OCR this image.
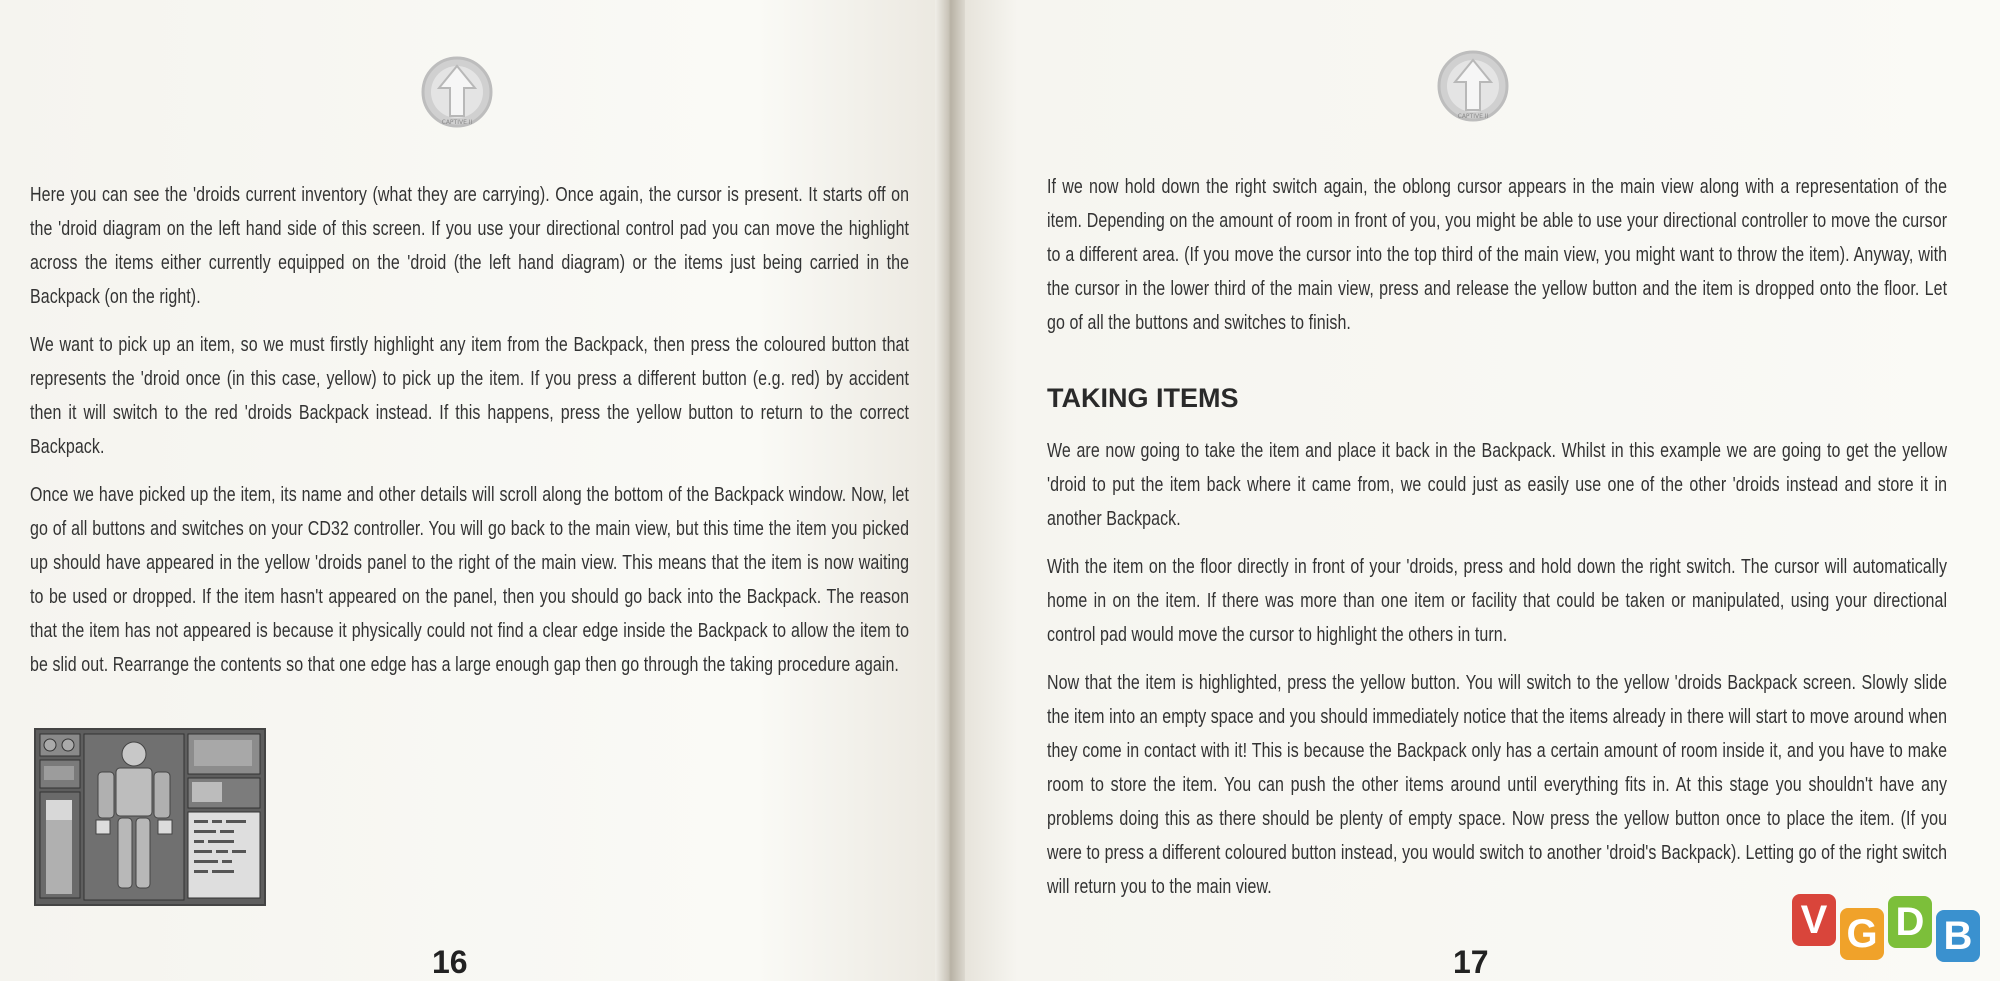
CAPTIVE II
CAPTIVE II

Here you can see the 'droids current inventory (what they are carrying). Once again, the cursor is present. It starts off on the 'droid diagram on the left hand side of this screen. If you use your directional control pad you can move the highlight across the items either currently equipped on the 'droid (the left hand diagram) or the items just being carried in the Backpack (on the right).

We want to pick up an item, so we must firstly highlight any item from the Backpack, then press the coloured button that represents the 'droid once (in this case, yellow) to pick up the item. If you press a different button (e.g. red) by accident then it will switch to the red 'droids Backpack instead. If this happens, press the yellow button to return to the correct Backpack.

Once we have picked up the item, its name and other details will scroll along the bottom of the Backpack window. Now, let go of all buttons and switches on your CD32 controller. You will go back to the main view, but this time the item you picked up should have appeared in the yellow 'droids panel to the right of the main view. This means that the item is now waiting to be used or dropped. If the item hasn't appeared on the panel, then you should go back into the Backpack. The reason that the item has not appeared is because it physically could not find a clear edge inside the Backpack to allow the item to be slid out. Rearrange the contents so that one edge has a large enough gap then go through the taking procedure again.

16

If we now hold down the right switch again, the oblong cursor appears in the main view along with a representation of the item. Depending on the amount of room in front of you, you might be able to use your directional controller to move the cursor to a different area. (If you move the cursor into the top third of the main view, you might want to throw the item). Anyway, with the cursor in the lower third of the main view, press and release the yellow button and the item is dropped onto the floor. Let go of all the buttons and switches to finish.

TAKING ITEMS

We are now going to take the item and place it back in the Backpack. Whilst in this example we are going to get the yellow 'droid to put the item back where it came from, we could just as easily use one of the other 'droids instead and store it in another Backpack.

With the item on the floor directly in front of your 'droids, press and hold down the right switch. The cursor will automatically home in on the item. If there was more than one item or facility that could be taken or manipulated, using your directional control pad would move the cursor to highlight the others in turn.

Now that the item is highlighted, press the yellow button. You will switch to the yellow 'droids Backpack screen. Slowly slide the item into an empty space and you should immediately notice that the items already in there will start to move around when they come in contact with it! This is because the Backpack only has a certain amount of room inside it, and you have to make room to store the item. You can push the other items around until everything fits in. At this stage you shouldn't have any problems doing this as there should be plenty of empty space. Now press the yellow button once to place the item. (If you were to press a different coloured button instead, you would switch to another 'droid's Backpack). Letting go of the right switch will return you to the main view.

17
V G D B
